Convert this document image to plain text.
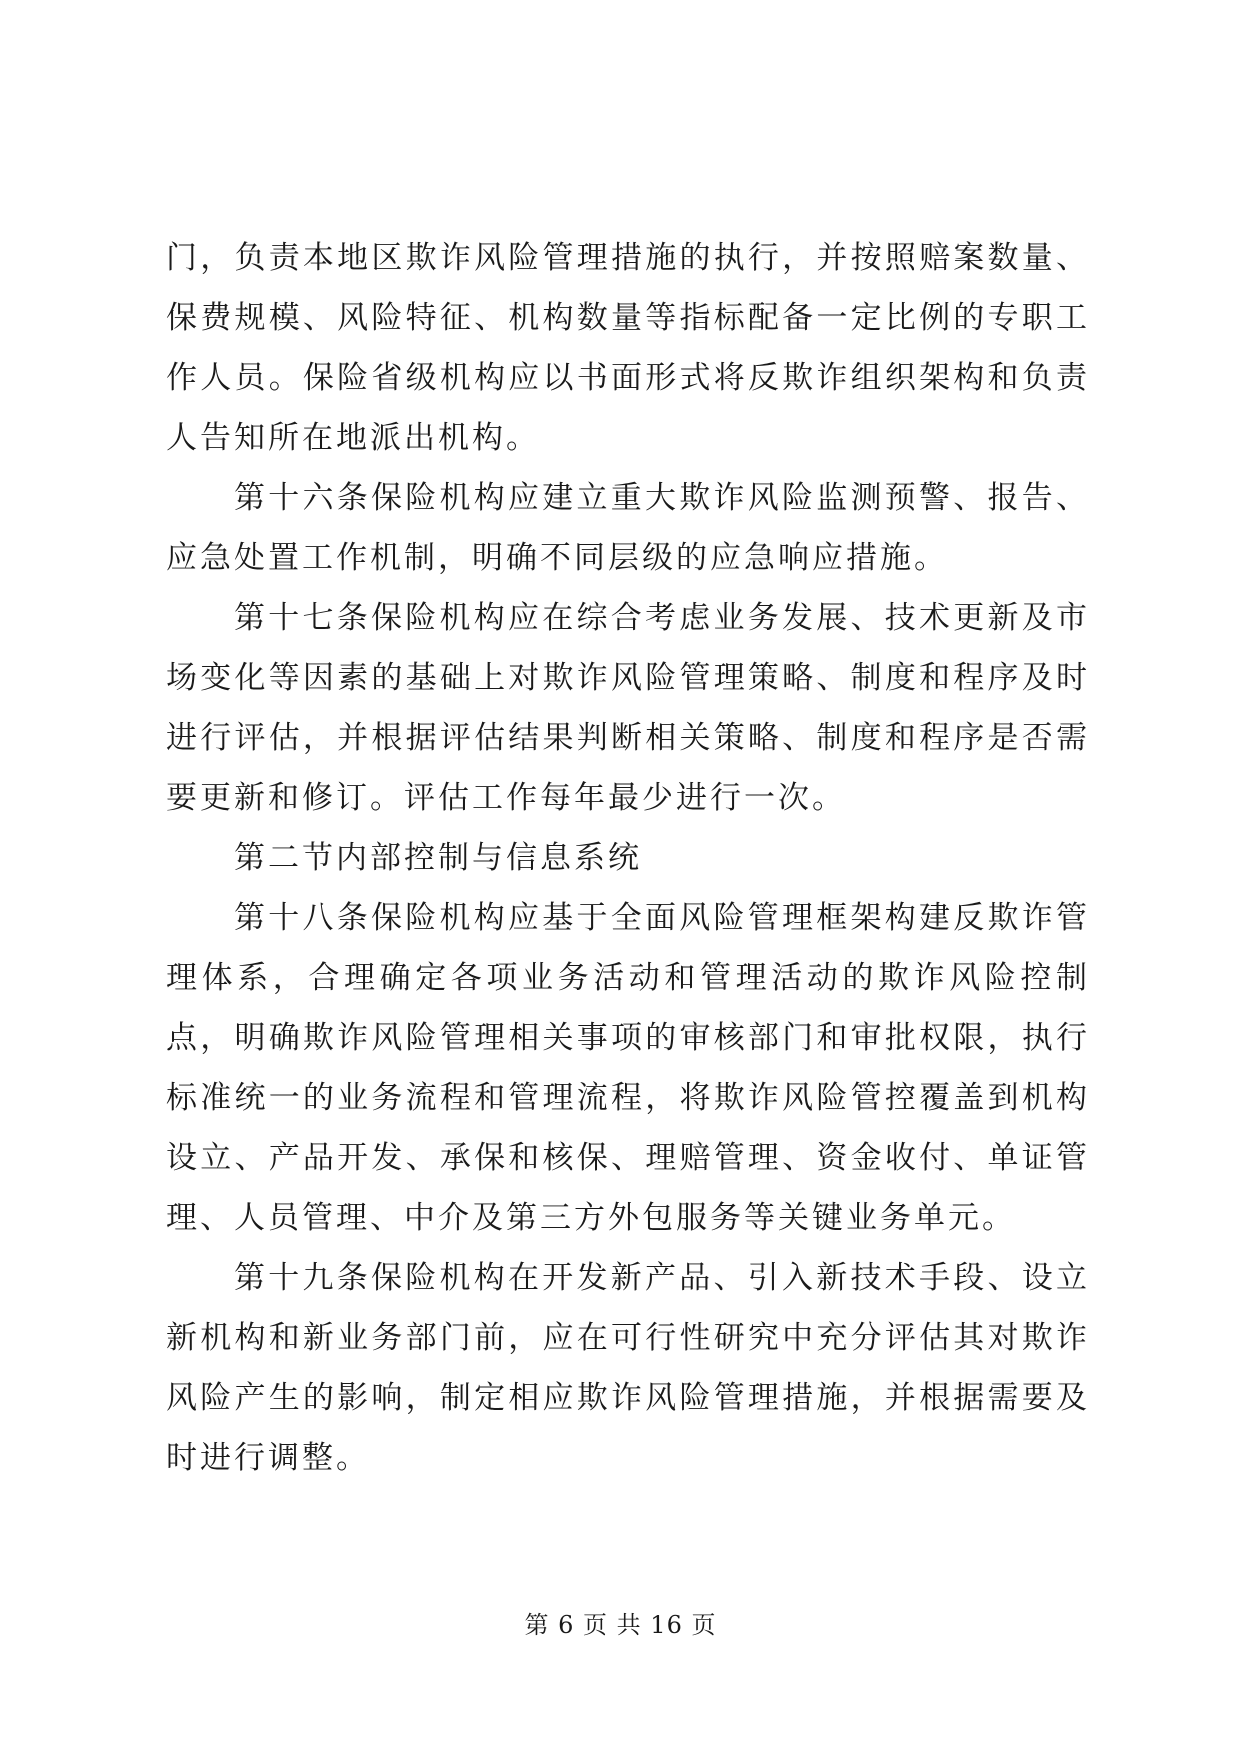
门，负责本地区欺诈风险管理措施的执行，并按照赔案数量、保费规模、风险特征、机构数量等指标配备一定比例的专职工作人员。保险省级机构应以书面形式将反欺诈组织架构和负责人告知所在地派出机构。

第十六条保险机构应建立重大欺诈风险监测预警、报告、应急处置工作机制，明确不同层级的应急响应措施。

第十七条保险机构应在综合考虑业务发展、技术更新及市场变化等因素的基础上对欺诈风险管理策略、制度和程序及时进行评估，并根据评估结果判断相关策略、制度和程序是否需要更新和修订。评估工作每年最少进行一次。

第二节内部控制与信息系统

第十八条保险机构应基于全面风险管理框架构建反欺诈管理体系，合理确定各项业务活动和管理活动的欺诈风险控制点，明确欺诈风险管理相关事项的审核部门和审批权限，执行标准统一的业务流程和管理流程，将欺诈风险管控覆盖到机构设立、产品开发、承保和核保、理赔管理、资金收付、单证管理、人员管理、中介及第三方外包服务等关键业务单元。

第十九条保险机构在开发新产品、引入新技术手段、设立新机构和新业务部门前，应在可行性研究中充分评估其对欺诈风险产生的影响，制定相应欺诈风险管理措施，并根据需要及时进行调整。

第 6 页 共 16 页
